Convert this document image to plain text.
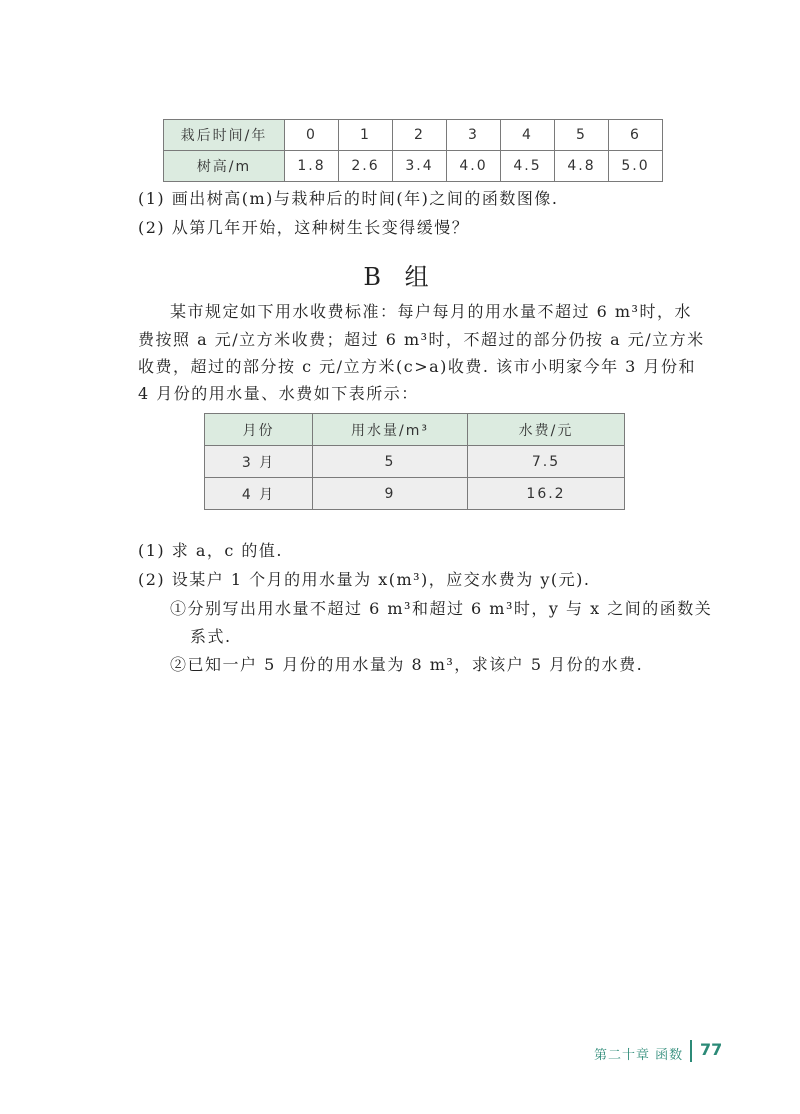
栽后时间/年	0	1	2	3	4	5	6
树高/m	1.8	2.6	3.4	4.0	4.5	4.8	5.0
(1) 画出树高(m)与栽种后的时间(年)之间的函数图像.
(2) 从第几年开始，这种树生长变得缓慢？
B 组
某市规定如下用水收费标准：每户每月的用水量不超过 6 m³时，水
费按照 a 元/立方米收费；超过 6 m³时，不超过的部分仍按 a 元/立方米
收费，超过的部分按 c 元/立方米(c>a)收费. 该市小明家今年 3 月份和
4 月份的用水量、水费如下表所示：
月份	用水量/m³	水费/元
3 月	5	7.5
4 月	9	16.2
(1) 求 a，c 的值.
(2) 设某户 1 个月的用水量为 x(m³)，应交水费为 y(元).
①分别写出用水量不超过 6 m³和超过 6 m³时，y 与 x 之间的函数关
系式.
②已知一户 5 月份的用水量为 8 m³，求该户 5 月份的水费.
第二十章 函数 77
